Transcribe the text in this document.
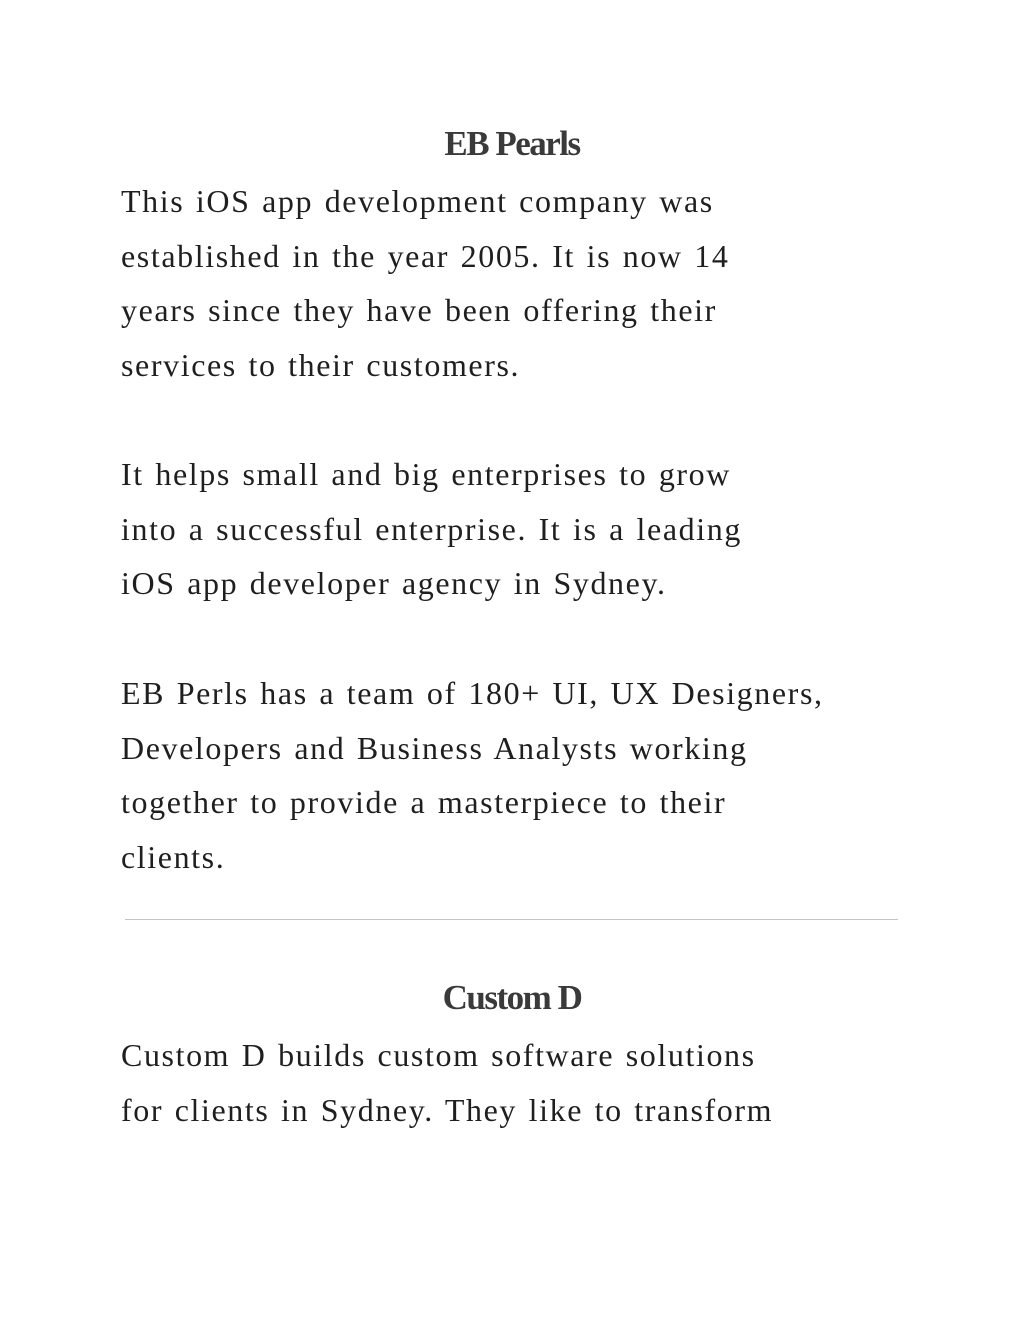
EB Pearls

This iOS app development company was
established in the year 2005. It is now 14
years since they have been offering their
services to their customers.

It helps small and big enterprises to grow
into a successful enterprise. It is a leading
iOS app developer agency in Sydney.

EB Perls has a team of 180+ UI, UX Designers,
Developers and Business Analysts working
together to provide a masterpiece to their
clients.

Custom D

Custom D builds custom software solutions
for clients in Sydney. They like to transform
